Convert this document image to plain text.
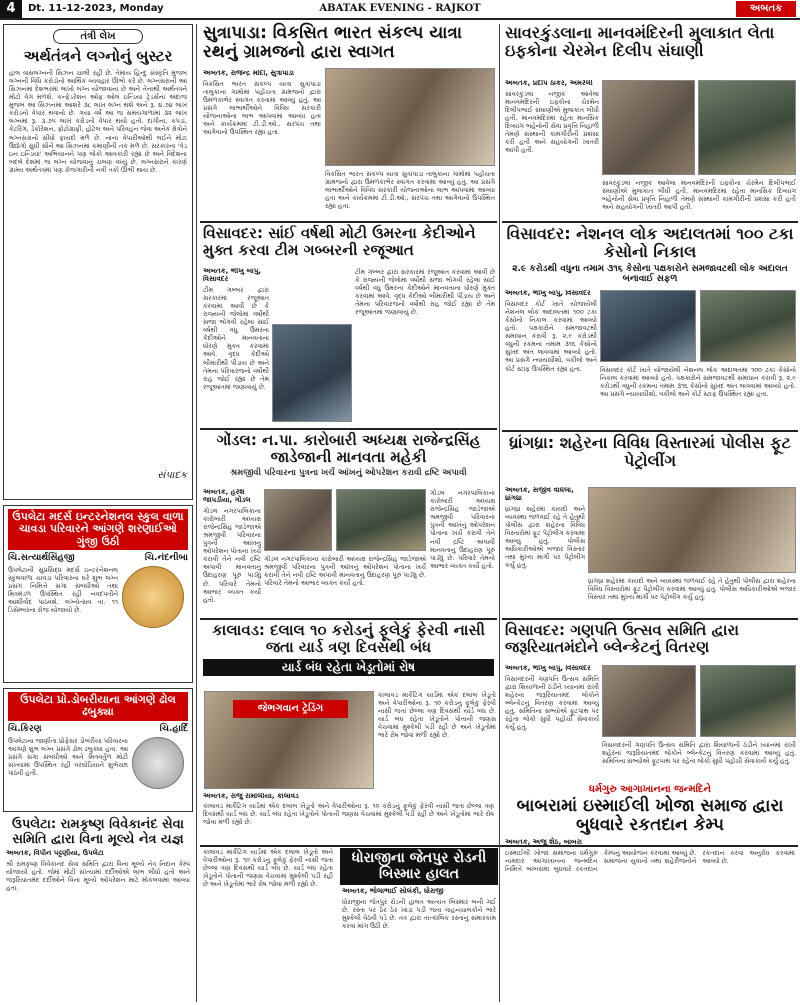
4	Dt. 11-12-2023, Monday	ABATAK EVENING - RAJKOT	અબતક
તંત્રી લેખ
અર્થતંત્રને લગ્નોનું બુસ્ટર
હાલ વાસલગ્નની સિઝન ચાલી રહી છે. તેમાંય હિન્દુ સંસ્કૃતિ મુજબ લગ્નની વિધિ કરોડોનો આર્થિક વ્યવહાર ઊભો કરે છે. લગ્નસરાની આ સિઝનમાં દેશભરમાં લાખો લગ્ન યોજાવાના છે અને તેનાથી અર્થતંત્રને મોટો વેગ મળશે. કન્ફેડરેશન ઓફ ઓલ ઇન્ડિયા ટ્રેડર્સના અંદાજ મુજબ આ સિઝનમાં આશરે ૩૮ લાખ લગ્ન થશે અને રૂ. ૪.૭૪ લાખ કરોડનો વેપાર થવાનો છે. ગયા વર્ષે આ જ સમયગાળામાં ૩૨ લાખ લગ્નમાં રૂ. ૩.૭૫ લાખ કરોડનો વેપાર થયો હતો. દાગીના, કપડાં, કેટરિંગ, ડેકોરેશન, ફોટોગ્રાફી, હોટેલ અને પરિવહન જેવા અનેક ક્ષેત્રોને લગ્નસરાનો સીધો ફાયદો મળે છે. નાના વેપારીઓથી લઈને મોટા ઉદ્યોગો સુધી સૌને આ સિઝનમાં કમાણીની તક મળે છે. સરકારના 'વેડ ઇન ઇન્ડિયા' અભિયાનને પણ લોકો આવકારી રહ્યા છે અને વિદેશના બદલે દેશમાં જ લગ્ન યોજવાનું ચલણ વધ્યું છે. લગ્નસરાને કારણે ગ્રામ્ય અર્થતંત્રમાં પણ રોજગારીની નવી તકો ઊભી થાય છે.
સંપાદક
ઉપલેટા મદર્સ ઇન્ટરનેશનલ સ્કુલ વાળા ચાવડા પરિવારને આંગણે શરણાઈઓ ગુંજી ઉઠી
ચિ.સત્યાર્થસિંહજી	ચિ.નંદનીબા
ઉપલેટાની સુપ્રસિદ્ધ મદર્સ ઇન્ટરનેશનલ સ્કુલવાળા ચાવડા પરિવારના ઘરે શુભ લગ્ન પ્રસંગ નિમિત્તે સગા સંબંધીઓ તથા મિત્રમંડળ ઉપસ્થિત રહી નવદંપતીને આશીર્વાદ પાઠવશે. લગ્નોત્સવ તા. ૧૧ ડિસેમ્બરના રોજ યોજાયો છે.
ઉપલેટા પ્રો.ડોબરીયાના આંગણે ઢોલ ઢબુક્યા
ચિ.કિરણ	ચિ.હાર્દિ
ઉપલેટાના જાણીતા પ્રોફેસર ડોબરીયા પરિવારના આંગણે શુભ લગ્ન પ્રસંગે ઢોલ ઢબુક્યા હતા. આ પ્રસંગે સગા સંબંધીઓ અને મિત્રવર્તુળ મોટી સંખ્યામાં ઉપસ્થિત રહી વરઘોડિયાને શુભેચ્છા પાઠવી હતી.
ઉપલેટા: રામકૃષ્ણ વિવેકાનંદ સેવા સમિતિ દ્વારા વિના મૂલ્યે નેત્ર યજ્ઞ
અબતક, વિપીન પટ્ટણીયા, ઉપલેટા
શ્રી રામકૃષ્ણ વિવેકાનંદ સેવા સમિતિ દ્વારા વિના મૂલ્યે નેત્ર નિદાન કેમ્પ યોજાયો હતો. જેમાં મોટી સંખ્યામાં દર્દીઓએ લાભ લીધો હતો અને જરૂરિયાતમંદ દર્દીઓને વિના મૂલ્યે ઓપરેશન માટે મોકલવામાં આવ્યા હતા.
સુત્રાપાડા: વિકસિત ભારત સંકલ્પ યાત્રા રથનું ગ્રામજનો દ્વારા સ્વાગત
અબતક, રાજેન્દ્ર મોદી, સુત્રાપાડા
વિકસિત ભારત સંકલ્પ યાત્રા સુત્રાપાડા તાલુકાના ગામોમાં પહોંચતા ગ્રામજનો દ્વારા ઉમળકાભેર સ્વાગત કરવામાં આવ્યું હતું. આ પ્રસંગે લાભાર્થીઓને વિવિધ સરકારી યોજનાઓના લાભ આપવામાં આવ્યા હતા અને કાર્યક્રમમાં ટી.ડી.ઓ., સરપંચ તથા આગેવાનો ઉપસ્થિત રહ્યા હતા.
વિકસિત ભારત સંકલ્પ યાત્રા સુત્રાપાડા તાલુકાના ગામોમાં પહોંચતા ગ્રામજનો દ્વારા ઉમળકાભેર સ્વાગત કરવામાં આવ્યું હતું. આ પ્રસંગે લાભાર્થીઓને વિવિધ સરકારી યોજનાઓના લાભ આપવામાં આવ્યા હતા અને કાર્યક્રમમાં ટી.ડી.ઓ., સરપંચ તથા આગેવાનો ઉપસ્થિત રહ્યા હતા.
વિસાવદર: સાંઈ વર્ષથી મોટી ઉંમરના કેદીઓને મુક્ત કરવા ટીમ ગબ્બરની રજૂઆત
અબતક, ભીખુ બાપુ, વિસાવદર
ટીમ ગબ્બર દ્વારા સરકારમાં રજૂઆત કરવામાં આવી છે કે રાજ્યની જેલોમાં વર્ષોથી સજા ભોગવી રહેલા સાંઈ વર્ષથી વધુ ઉંમરના કેદીઓને માનવતાના ધોરણે મુક્ત કરવામાં આવે. વૃદ્ધ કેદીઓ બીમારીથી પીડાય છે અને તેમના પરિવારજનો વર્ષોથી રાહ જોઈ રહ્યા છે તેમ રજૂઆતમાં જણાવાયું છે.
ટીમ ગબ્બર દ્વારા સરકારમાં રજૂઆત કરવામાં આવી છે કે રાજ્યની જેલોમાં વર્ષોથી સજા ભોગવી રહેલા સાંઈ વર્ષથી વધુ ઉંમરના કેદીઓને માનવતાના ધોરણે મુક્ત કરવામાં આવે. વૃદ્ધ કેદીઓ બીમારીથી પીડાય છે અને તેમના પરિવારજનો વર્ષોથી રાહ જોઈ રહ્યા છે તેમ રજૂઆતમાં જણાવાયું છે.
ગોંડલ: ન.પા. કારોબારી અધ્યક્ષ રાજેન્દ્રસિંહ જાડેજાની માનવતા મહેકી
શ્રમજીવી પરિવારના પુત્રના ખર્ચે આંખનું ઓપરેશન કરાવી દ્રષ્ટિ અપાવી
અબતક, હરેશ જાપડીયા, ગોંડલ
ગોંડલ નગરપાલિકાના કારોબારી અધ્યક્ષ રાજેન્દ્રસિંહ જાડેજાએ શ્રમજીવી પરિવારના પુત્રની આંખનું ઓપરેશન પોતાના ખર્ચે કરાવી તેને નવી દ્રષ્ટિ અપાવી માનવતાનું ઉદાહરણ પૂરું પાડ્યું છે. પરિવારે તેમનો આભાર વ્યક્ત કર્યો હતો.
ગોંડલ નગરપાલિકાના કારોબારી અધ્યક્ષ રાજેન્દ્રસિંહ જાડેજાએ શ્રમજીવી પરિવારના પુત્રની આંખનું ઓપરેશન પોતાના ખર્ચે કરાવી તેને નવી દ્રષ્ટિ અપાવી માનવતાનું ઉદાહરણ પૂરું પાડ્યું છે. પરિવારે તેમનો આભાર વ્યક્ત કર્યો હતો.
ગોંડલ નગરપાલિકાના કારોબારી અધ્યક્ષ રાજેન્દ્રસિંહ જાડેજાએ શ્રમજીવી પરિવારના પુત્રની આંખનું ઓપરેશન પોતાના ખર્ચે કરાવી તેને નવી દ્રષ્ટિ અપાવી માનવતાનું ઉદાહરણ પૂરું પાડ્યું છે. પરિવારે તેમનો આભાર વ્યક્ત કર્યો હતો.
કાલાવડ: દલાલ ૧૦ કરોડનું ફૂલેકું ફેરવી નાસી જતા યાર્ડ ત્રણ દિવસથી બંધ
યાર્ડ બંધ રહેતા ખેડૂતોમાં રોષ
જેભગવાન ટ્રેડિંગ
કાલાવડ માર્કેટિંગ યાર્ડમાં એક દલાલ ખેડૂતો અને વેપારીઓના રૂ. ૧૦ કરોડનું ફૂલેકું ફેરવી નાસી જતા છેલ્લા ત્રણ દિવસથી યાર્ડ બંધ છે. યાર્ડ બંધ રહેતા ખેડૂતોને પોતાની જણસ વેચવામાં મુશ્કેલી પડી રહી છે અને ખેડૂતોમાં ભારે રોષ જોવા મળી રહ્યો છે.
અબતક, રાજુ રામોલીયા, કાલાવડ
કાલાવડ માર્કેટિંગ યાર્ડમાં એક દલાલ ખેડૂતો અને વેપારીઓના રૂ. ૧૦ કરોડનું ફૂલેકું ફેરવી નાસી જતા છેલ્લા ત્રણ દિવસથી યાર્ડ બંધ છે. યાર્ડ બંધ રહેતા ખેડૂતોને પોતાની જણસ વેચવામાં મુશ્કેલી પડી રહી છે અને ખેડૂતોમાં ભારે રોષ જોવા મળી રહ્યો છે.
સાવરકુંડલાના માનવમંદિરની મુલાકાત લેતા ઇફ્કોના ચેરમેન દિલીપ સંઘાણી
અબતક, પ્રદીપ ઠાકર, અમરેલી
સાવરકુંડલા નજીક આવેલા માનવમંદિરની ઇફ્કોના ચેરમેન દિલીપભાઈ સંઘાણીએ મુલાકાત લીધી હતી. માનવમંદિરમાં રહેતા માનસિક દિવ્યાંગ બહેનોની સેવા પ્રવૃત્તિ નિહાળી તેમણે સંસ્થાની કામગીરીની પ્રશંસા કરી હતી અને સહયોગની ખાતરી આપી હતી.
સાવરકુંડલા નજીક આવેલા માનવમંદિરની ઇફ્કોના ચેરમેન દિલીપભાઈ સંઘાણીએ મુલાકાત લીધી હતી. માનવમંદિરમાં રહેતા માનસિક દિવ્યાંગ બહેનોની સેવા પ્રવૃત્તિ નિહાળી તેમણે સંસ્થાની કામગીરીની પ્રશંસા કરી હતી અને સહયોગની ખાતરી આપી હતી.
વિસાવદર: નેશનલ લોક અદાલતમાં ૧૦૦ ટકા કેસોનો નિકાલ
૨.૯ કરોડથી વધુના તમામ ૩૧૬ કેસોના પક્ષકારોને સમજાવટથી લોક અદાલત બનાવાઈ સફળ
અબતક, ભીખુ બાપુ, વિસાવદર
વિસાવદર કોર્ટ ખાતે યોજાયેલી નેશનલ લોક અદાલતમાં ૧૦૦ ટકા કેસોનો નિકાલ કરવામાં આવ્યો હતો. પક્ષકારોને સમજાવટથી સમાધાન કરાવી રૂ. ૨.૯ કરોડથી વધુની રકમના તમામ ૩૧૬ કેસોનો સુખદ અંત લાવવામાં આવ્યો હતો. આ પ્રસંગે ન્યાયાધીશો, વકીલો અને કોર્ટ સ્ટાફ ઉપસ્થિત રહ્યા હતા.	વિસાવદર કોર્ટ ખાતે યોજાયેલી નેશનલ લોક અદાલતમાં ૧૦૦ ટકા કેસોનો નિકાલ કરવામાં આવ્યો હતો. પક્ષકારોને સમજાવટથી સમાધાન કરાવી રૂ. ૨.૯ કરોડથી વધુની રકમના તમામ ૩૧૬ કેસોનો સુખદ અંત લાવવામાં આવ્યો હતો. આ પ્રસંગે ન્યાયાધીશો, વકીલો અને કોર્ટ સ્ટાફ ઉપસ્થિત રહ્યા હતા.
ધ્રાંગધ્રા: શહેરના વિવિધ વિસ્તારમાં પોલીસ ફૂટ પેટ્રોલીંગ
અબતક, સંજીવ વાઘેલા, ધ્રાંગધ્રા
ધ્રાંગધ્રા શહેરમાં કાયદો અને વ્યવસ્થા જળવાઈ રહે તે હેતુથી પોલીસ દ્વારા શહેરના વિવિધ વિસ્તારોમાં ફૂટ પેટ્રોલીંગ કરવામાં આવ્યું હતું. પોલીસ અધિકારીઓએ બજાર વિસ્તાર તથા મુખ્ય માર્ગો પર પેટ્રોલીંગ કર્યું હતું.
ધ્રાંગધ્રા શહેરમાં કાયદો અને વ્યવસ્થા જળવાઈ રહે તે હેતુથી પોલીસ દ્વારા શહેરના વિવિધ વિસ્તારોમાં ફૂટ પેટ્રોલીંગ કરવામાં આવ્યું હતું. પોલીસ અધિકારીઓએ બજાર વિસ્તાર તથા મુખ્ય માર્ગો પર પેટ્રોલીંગ કર્યું હતું.
વિસાવદર: ગણપતિ ઉત્સવ સમિતિ દ્વારા જરૂરિયાતમંદોને બ્લેન્કેટનું વિતરણ
અબતક, ભીખુ બાપુ, વિસાવદર
વિસાવદરની ગણપતિ ઉત્સવ સમિતિ દ્વારા શિયાળાની ઠંડીને ધ્યાનમાં રાખી શહેરના જરૂરિયાતમંદ લોકોને બ્લેન્કેટનું વિતરણ કરવામાં આવ્યું હતું. સમિતિના સભ્યોએ ફૂટપાથ પર રહેતા લોકો સુધી પહોંચી સેવાકાર્ય કર્યું હતું.
વિસાવદરની ગણપતિ ઉત્સવ સમિતિ દ્વારા શિયાળાની ઠંડીને ધ્યાનમાં રાખી શહેરના જરૂરિયાતમંદ લોકોને બ્લેન્કેટનું વિતરણ કરવામાં આવ્યું હતું. સમિતિના સભ્યોએ ફૂટપાથ પર રહેતા લોકો સુધી પહોંચી સેવાકાર્ય કર્યું હતું.
ધોરાજીના જેતપુર રોડની બિસ્માર હાલત
અબતક, ભોલાભાઈ સોલંકી, ધોરાજી
ધોરાજીના જેતપુર રોડની હાલત અત્યંત બિસ્માર બની ગઈ છે. રસ્તા પર ઠેર ઠેર ખાડા પડી જતા વાહનચાલકોને ભારે મુશ્કેલી વેઠવી પડે છે. તંત્ર દ્વારા તાત્કાલિક રસ્તાનું સમારકામ કરવા માંગ ઉઠી છે.
કાલાવડ માર્કેટિંગ યાર્ડમાં એક દલાલ ખેડૂતો અને વેપારીઓના રૂ. ૧૦ કરોડનું ફૂલેકું ફેરવી નાસી જતા છેલ્લા ત્રણ દિવસથી યાર્ડ બંધ છે. યાર્ડ બંધ રહેતા ખેડૂતોને પોતાની જણસ વેચવામાં મુશ્કેલી પડી રહી છે અને ખેડૂતોમાં ભારે રોષ જોવા મળી રહ્યો છે.
ધર્મગુરુ આગાખાનના જન્મદિને
બાબરામાં ઇસ્માઈલી ખોજા સમાજ દ્વારા બુધવારે રકતદાન કેમ્પ
અબતક, અજુ શેઠ, બાબરા
ઇસ્માઈલી ખોજા સમાજના ધર્મગુરુ નામદાર આગાખાનના જન્મદિન નિમિત્તે બાબરામાં બુધવારે રકતદાન કેમ્પનું આયોજન કરવામાં આવ્યું છે. સમાજના યુવાનો તથા શહેરીજનોને રકતદાન કરવા અનુરોધ કરવામાં આવ્યો છે.
